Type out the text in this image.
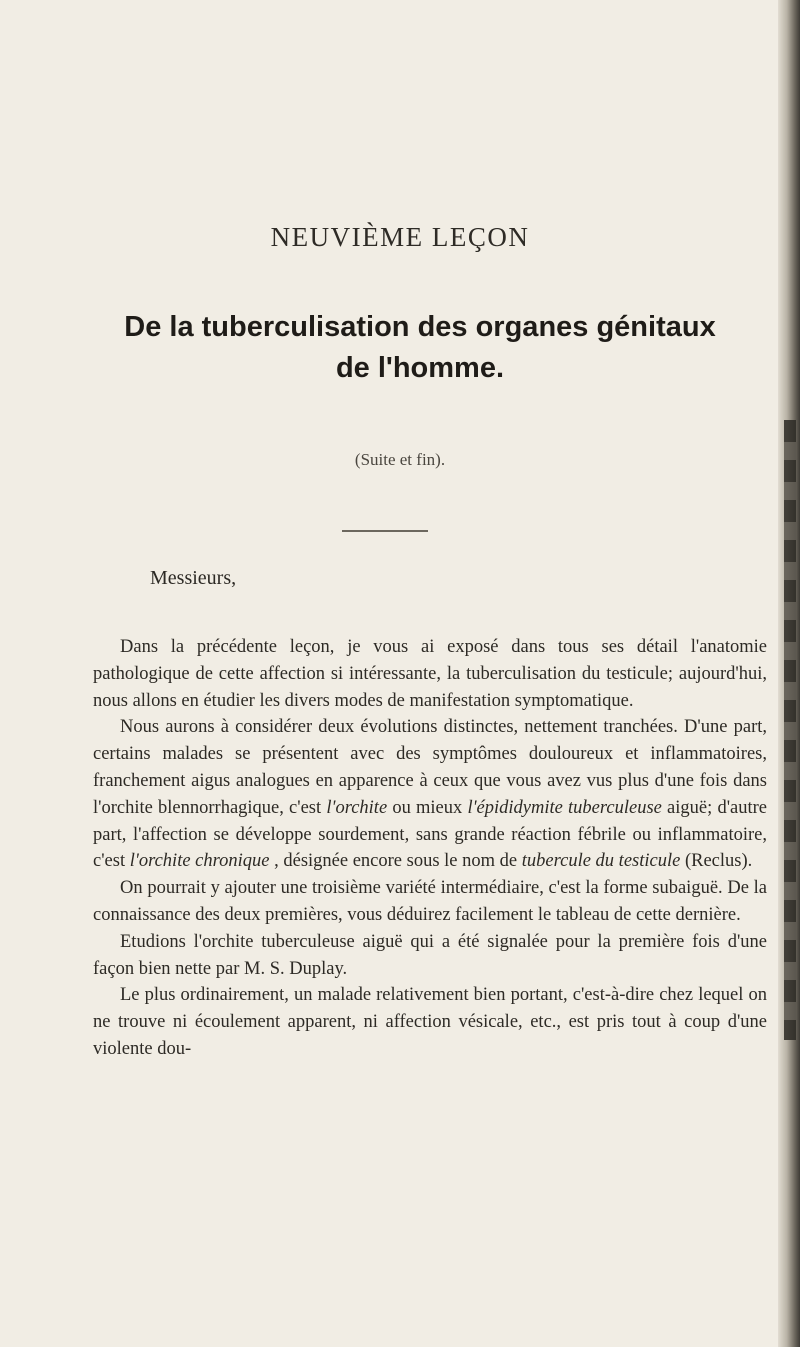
NEUVIÈME LEÇON
De la tuberculisation des organes génitaux
de l'homme.
(Suite et fin).
Messieurs,

Dans la précédente leçon, je vous ai exposé dans tous ses détail l'anatomie pathologique de cette affection si intéressante, la tuberculisation du testicule; aujourd'hui, nous allons en étudier les divers modes de manifestation symptomatique.

Nous aurons à considérer deux évolutions distinctes, nettement tranchées. D'une part, certains malades se présentent avec des symptômes douloureux et inflammatoires, franchement aigus analogues en apparence à ceux que vous avez vus plus d'une fois dans l'orchite blennorrhagique, c'est l'orchite ou mieux l'épididymite tuberculeuse aiguë; d'autre part, l'affection se développe sourdement, sans grande réaction fébrile ou inflammatoire, c'est l'orchite chronique , désignée encore sous le nom de tubercule du testicule (Reclus).

On pourrait y ajouter une troisième variété intermédiaire, c'est la forme subaiguë. De la connaissance des deux premières, vous déduirez facilement le tableau de cette dernière.

Etudions l'orchite tuberculeuse aiguë qui a été signalée pour la première fois d'une façon bien nette par M. S. Duplay.

Le plus ordinairement, un malade relativement bien portant, c'est-à-dire chez lequel on ne trouve ni écoulement apparent, ni affection vésicale, etc., est pris tout à coup d'une violente dou-
